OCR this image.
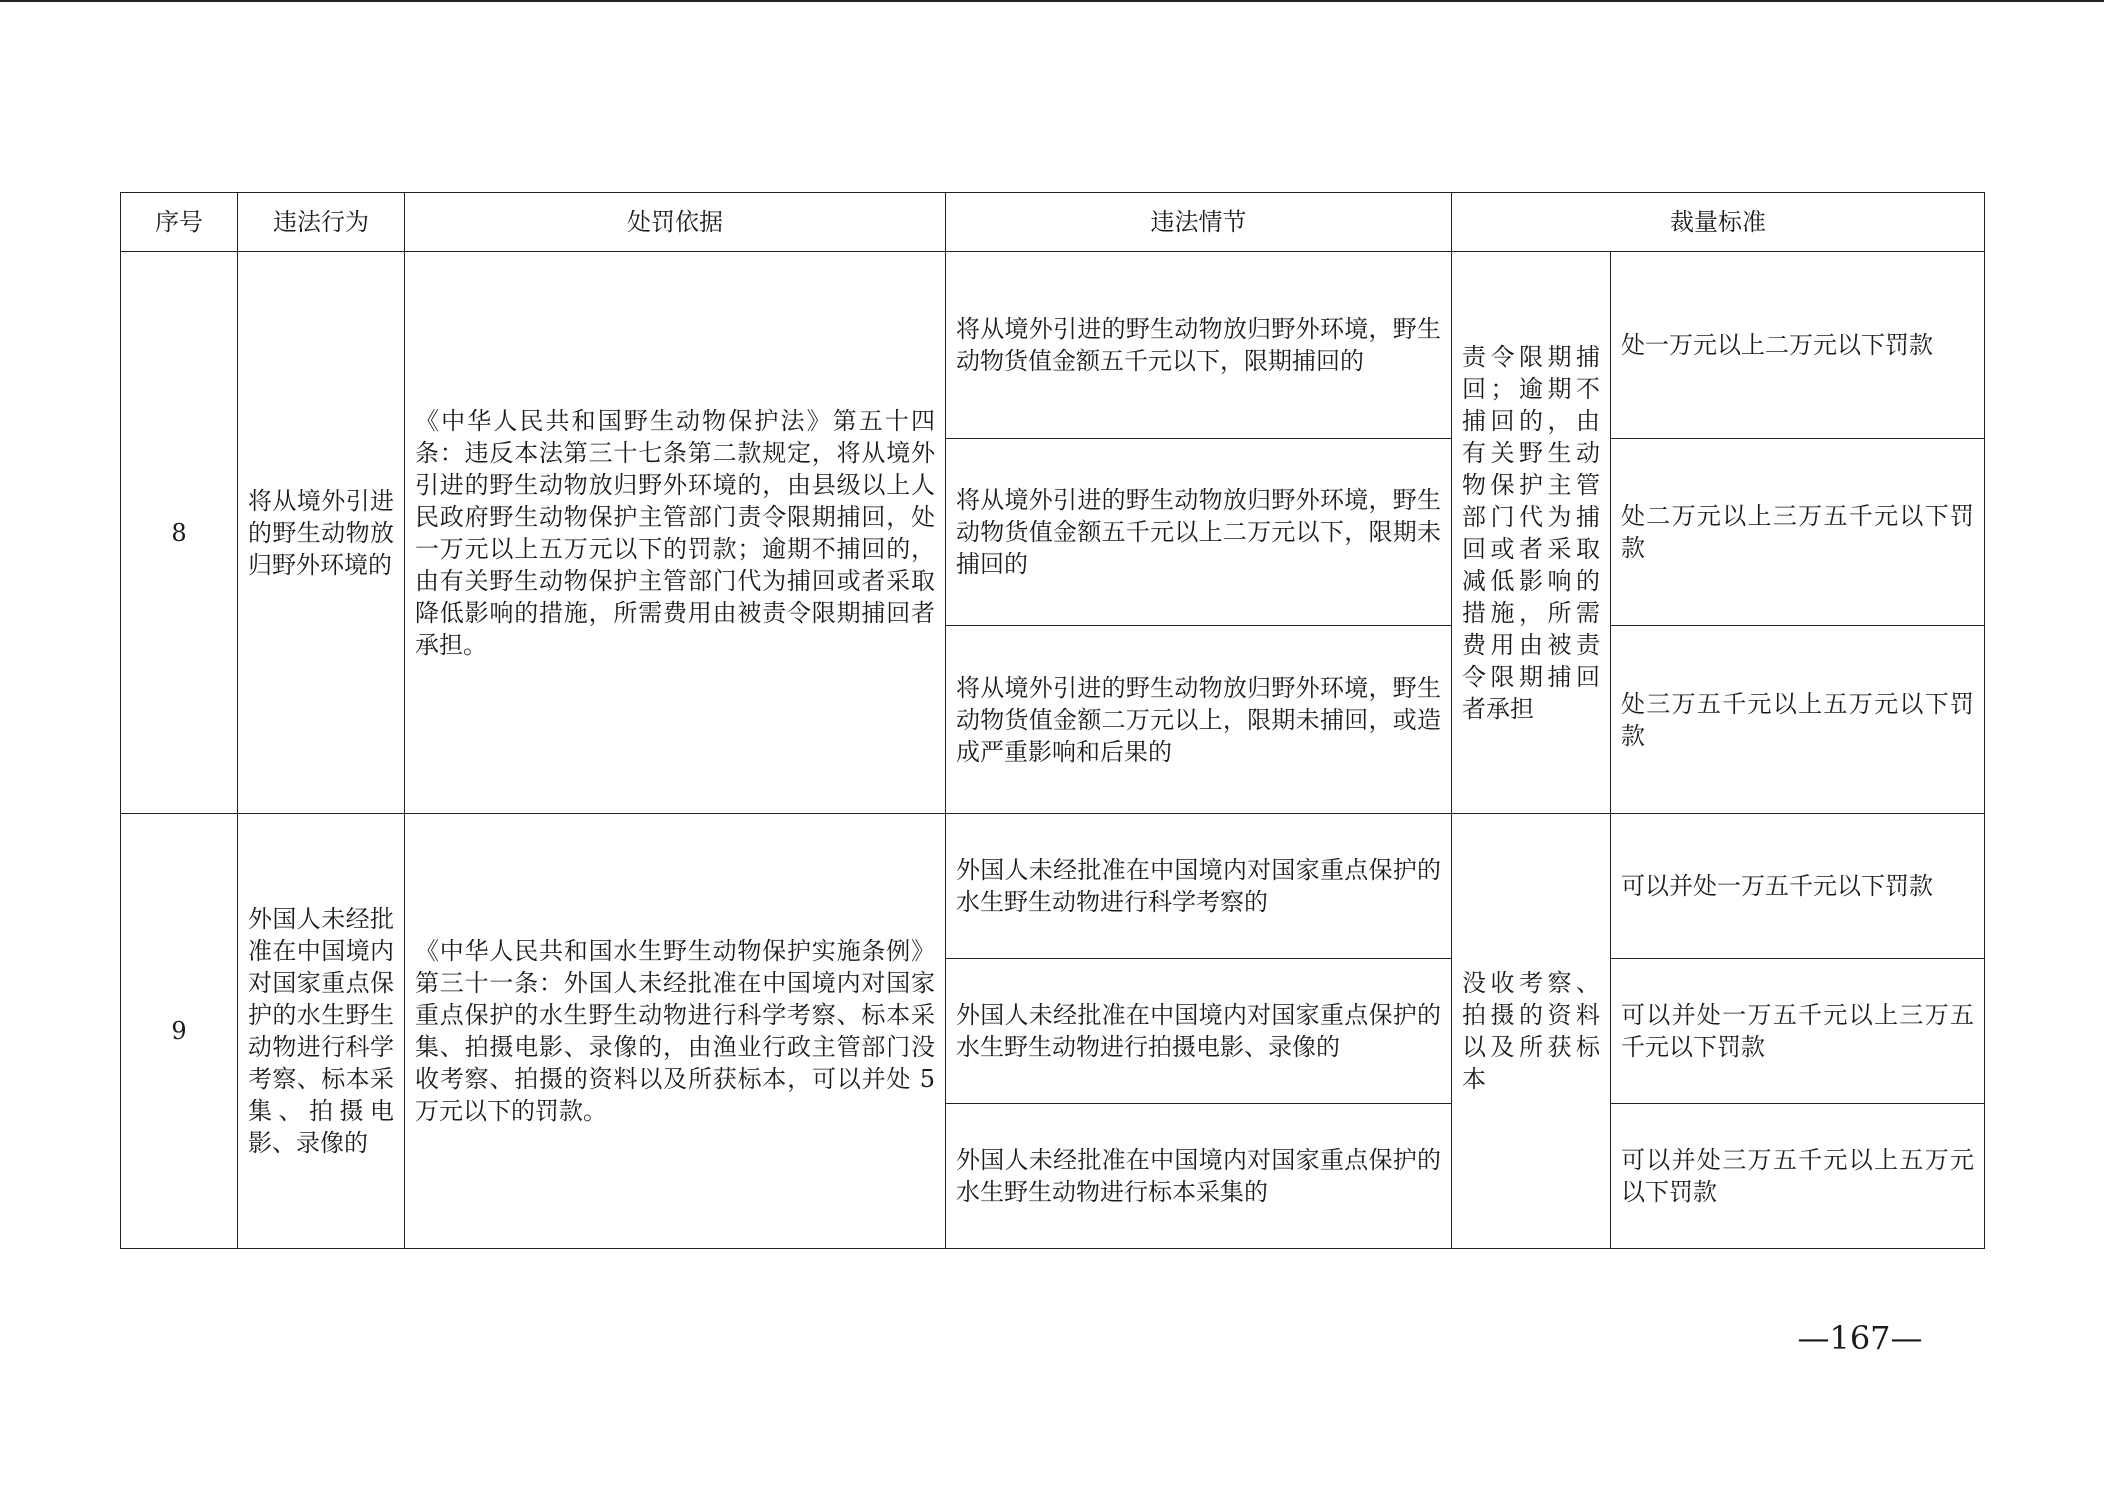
序号	违法行为	处罚依据	违法情节	裁量标准	
8	将从境外引进的野生动物放归野外环境的	《中华人民共和国野生动物保护法》第五十四条：违反本法第三十七条第二款规定，将从境外引进的野生动物放归野外环境的，由县级以上人民政府野生动物保护主管部门责令限期捕回，处一万元以上五万元以下的罚款；逾期不捕回的，由有关野生动物保护主管部门代为捕回或者采取降低影响的措施，所需费用由被责令限期捕回者承担。	将从境外引进的野生动物放归野外环境，野生动物货值金额五千元以下，限期捕回的	责令限期捕回；逾期不捕回的，由有关野生动物保护主管部门代为捕回或者采取减低影响的措施，所需费用由被责令限期捕回者承担	处一万元以上二万元以下罚款
			将从境外引进的野生动物放归野外环境，野生动物货值金额五千元以上二万元以下，限期未捕回的		处二万元以上三万五千元以下罚款
			将从境外引进的野生动物放归野外环境，野生动物货值金额二万元以上，限期未捕回，或造成严重影响和后果的		处三万五千元以上五万元以下罚款
9	外国人未经批准在中国境内对国家重点保护的水生野生动物进行科学考察、标本采集、拍摄电影、录像的	《中华人民共和国水生野生动物保护实施条例》第三十一条：外国人未经批准在中国境内对国家重点保护的水生野生动物进行科学考察、标本采集、拍摄电影、录像的，由渔业行政主管部门没收考察、拍摄的资料以及所获标本，可以并处 5 万元以下的罚款。	外国人未经批准在中国境内对国家重点保护的水生野生动物进行科学考察的	没收考察、拍摄的资料以及所获标本	可以并处一万五千元以下罚款
			外国人未经批准在中国境内对国家重点保护的水生野生动物进行拍摄电影、录像的		可以并处一万五千元以上三万五千元以下罚款
			外国人未经批准在中国境内对国家重点保护的水生野生动物进行标本采集的		可以并处三万五千元以上五万元以下罚款
—167—
